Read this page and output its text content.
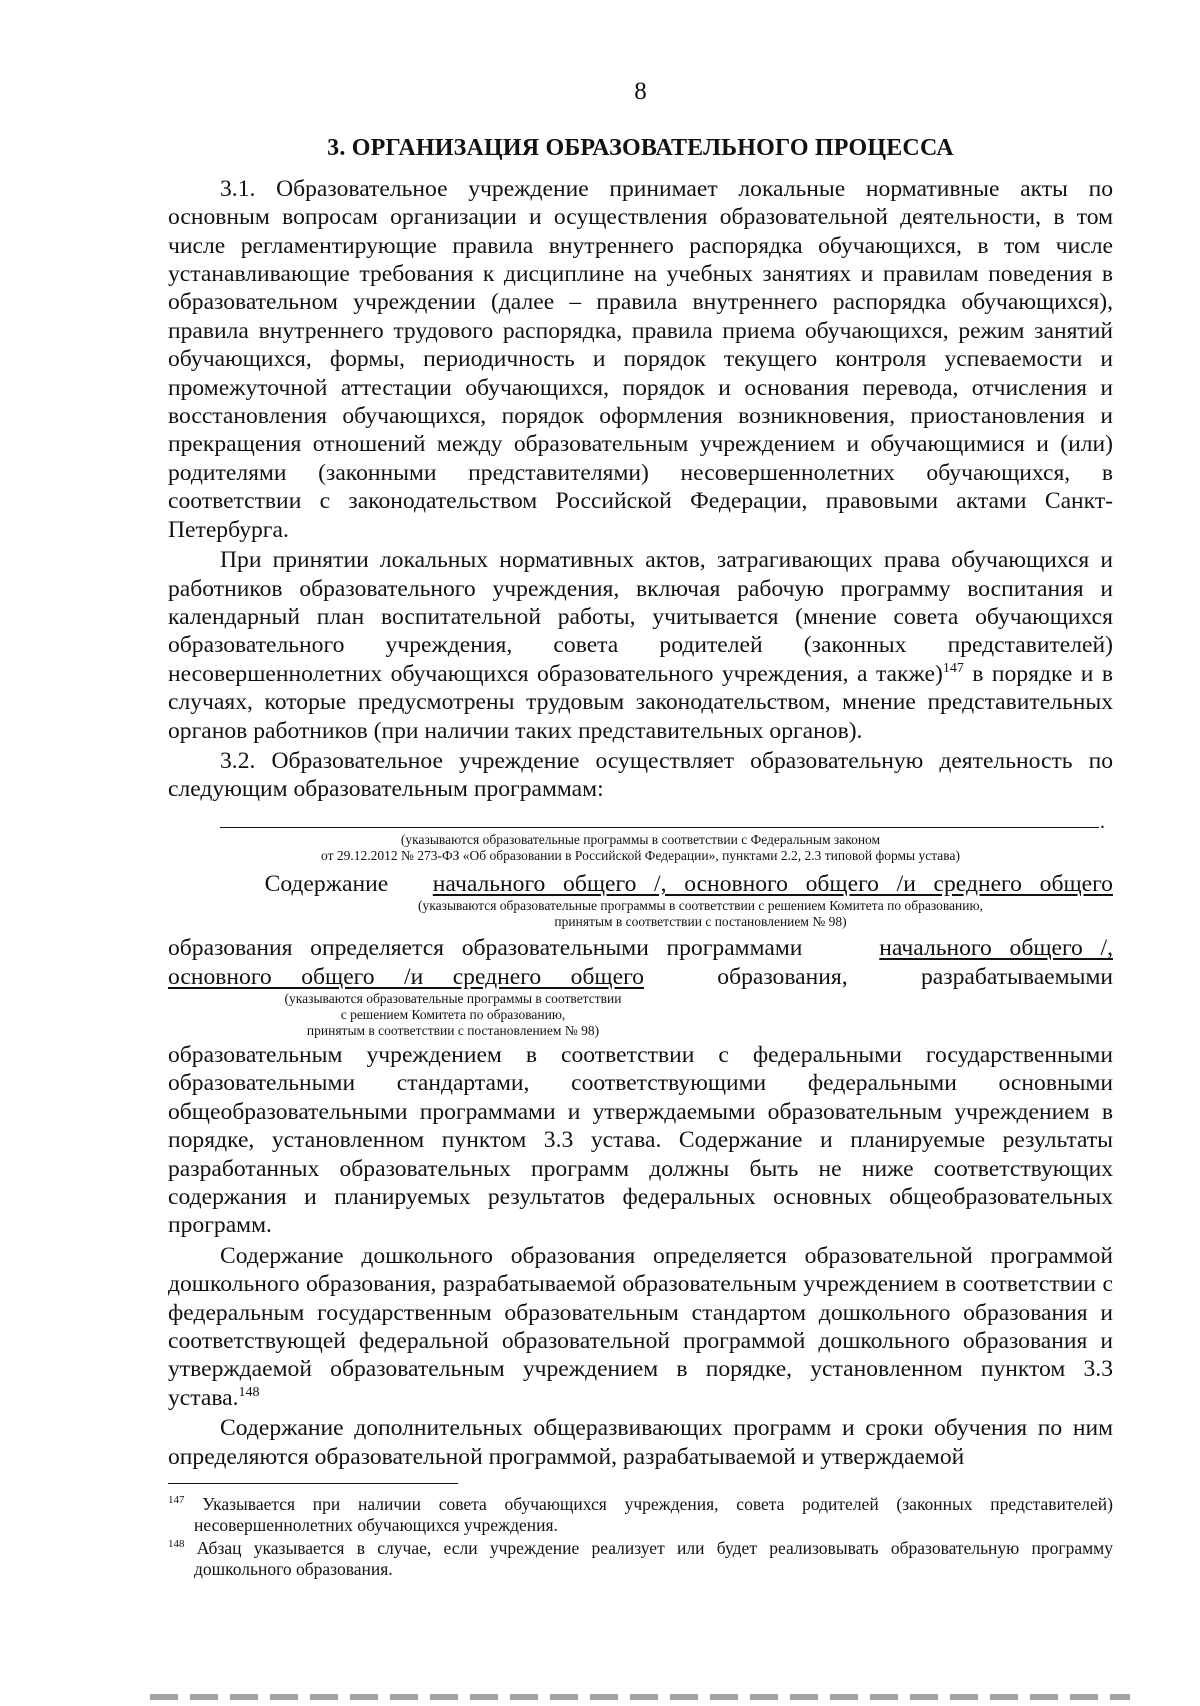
8
3. ОРГАНИЗАЦИЯ ОБРАЗОВАТЕЛЬНОГО ПРОЦЕССА

3.1. Образовательное учреждение принимает локальные нормативные акты по основным вопросам организации и осуществления образовательной деятельности, в том числе регламентирующие правила внутреннего распорядка обучающихся, в том числе устанавливающие требования к дисциплине на учебных занятиях и правилам поведения в образовательном учреждении (далее – правила внутреннего распорядка обучающихся), правила внутреннего трудового распорядка, правила приема обучающихся, режим занятий обучающихся, формы, периодичность и порядок текущего контроля успеваемости и промежуточной аттестации обучающихся, порядок и основания перевода, отчисления и восстановления обучающихся, порядок оформления возникновения, приостановления и прекращения отношений между образовательным учреждением и обучающимися и (или) родителями (законными представителями) несовершеннолетних обучающихся, в соответствии с законодательством Российской Федерации, правовыми актами Санкт-Петербурга.

При принятии локальных нормативных актов, затрагивающих права обучающихся и работников образовательного учреждения, включая рабочую программу воспитания и календарный план воспитательной работы, учитывается (мнение совета обучающихся образовательного учреждения, совета родителей (законных представителей) несовершеннолетних обучающихся образовательного учреждения, а также)$^{147}$ в порядке и в случаях, которые предусмотрены трудовым законодательством, мнение представительных органов работников (при наличии таких представительных органов).

3.2. Образовательное учреждение осуществляет образовательную деятельность по следующим образовательным программам:

.

(указываются образовательные программы в соответствии с Федеральным законом

от 29.12.2012 № 273-ФЗ «Об образовании в Российской Федерации», пунктами 2.2, 2.3 типовой формы устава)

Содержание начального   общего   /,   основного   общего   /и   среднего   общего

(указываются образовательные программы в соответствии с решением Комитета по образованию,

принятым в соответствии с постановлением № 98)

образования   определяется   образовательными   программами	начального   общего   /,
основного     общего     /и     среднего     общего	образования,	разрабатываемыми

(указываются образовательные программы в соответствии

с решением Комитета по образованию,

принятым в соответствии с постановлением № 98)

образовательным учреждением в соответствии с федеральными государственными образовательными стандартами, соответствующими федеральными основными общеобразовательными программами и утверждаемыми образовательным учреждением в порядке, установленном пунктом 3.3 устава. Содержание и планируемые результаты разработанных образовательных программ должны быть не ниже соответствующих содержания и планируемых результатов федеральных основных общеобразовательных программ.

Содержание дошкольного образования определяется образовательной программой дошкольного образования, разрабатываемой образовательным учреждением в соответствии с федеральным государственным образовательным стандартом дошкольного образования и соответствующей федеральной образовательной программой дошкольного образования и утверждаемой образовательным учреждением в порядке, установленном пунктом 3.3 устава.$^{148}$

Содержание дополнительных общеразвивающих программ и сроки обучения по ним определяются образовательной программой, разрабатываемой и утверждаемой

$^{147}$ Указывается при наличии совета обучающихся учреждения, совета родителей (законных представителей) несовершеннолетних обучающихся учреждения.

$^{148}$ Абзац указывается в случае, если учреждение реализует или будет реализовывать образовательную программу дошкольного образования.
